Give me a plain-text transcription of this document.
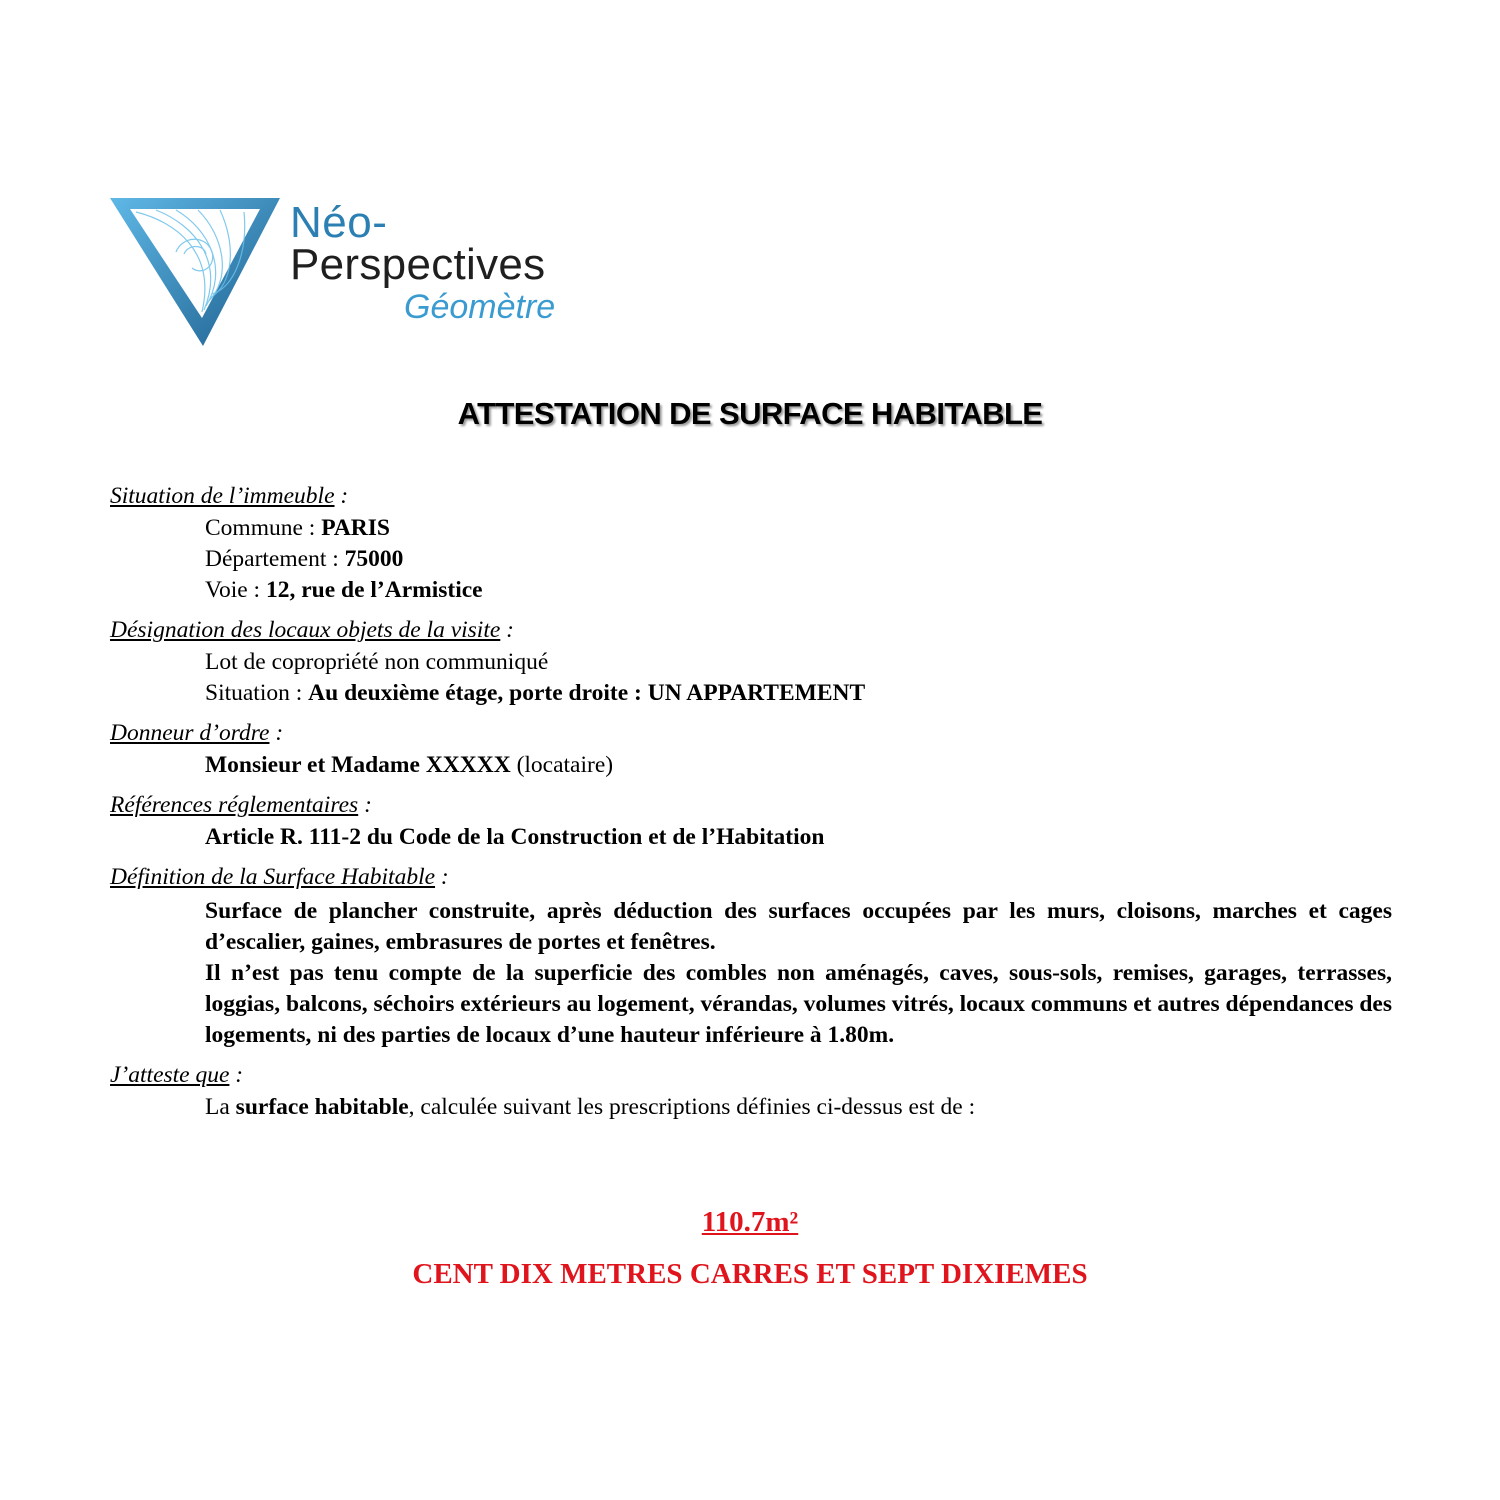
Néo-
Perspectives
Géomètre
ATTESTATION DE SURFACE HABITABLE
Situation de l’immeuble :
Commune : PARIS
Département : 75000
Voie : 12, rue de l’Armistice
Désignation des locaux objets de la visite :
Lot de copropriété non communiqué
Situation : Au deuxième étage, porte droite : UN APPARTEMENT
Donneur d’ordre :
Monsieur et Madame XXXXX (locataire)
Références réglementaires :
Article R. 111-2 du Code de la Construction et de l’Habitation
Définition de la Surface Habitable :
Surface de plancher construite, après déduction des surfaces occupées par les murs, cloisons, marches et cages d’escalier, gaines, embrasures de portes et fenêtres.
Il n’est pas tenu compte de la superficie des combles non aménagés, caves, sous-sols, remises, garages, terrasses, loggias, balcons, séchoirs extérieurs au logement, vérandas, volumes vitrés, locaux communs et autres dépendances des logements, ni des parties de locaux d’une hauteur inférieure à 1.80m.
J’atteste que :
La surface habitable, calculée suivant les prescriptions définies ci-dessus est de :
110.7m²
CENT DIX METRES CARRES ET SEPT DIXIEMES
